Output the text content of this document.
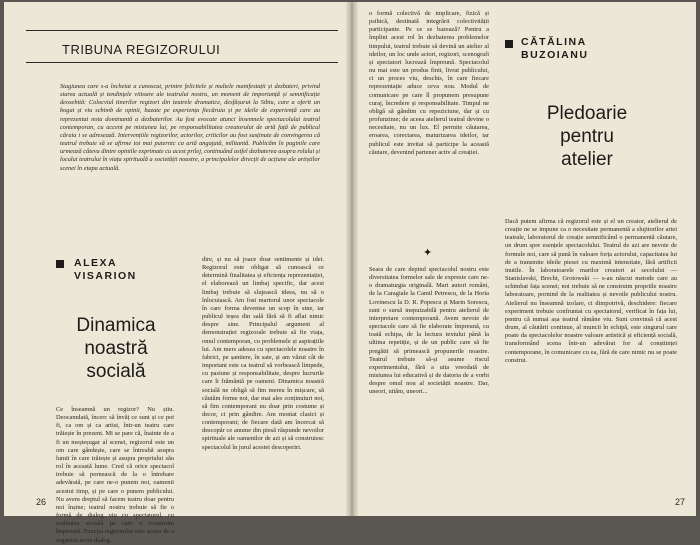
TRIBUNA REGIZORULUI
Stagiunea care s-a încheiat a cunoscut, printre felicitele și multele manifestații și dezbateri, privind starea actuală și tendințele viitoare ale teatrului nostru, un moment de importanță și semnificație deosebită: Colocviul tinerilor regizori din teatrele dramatice, desfășurat la Sibiu, care a oferit un bogat și viu schimb de opinii, bazate pe experiența fiecăruia și pe ideile de experiență care au reprezentat nota dominantă a dezbaterilor. Au fost evocate atunci însemnele spectacolului teatral contemporan, cu accent pe misiunea lui, pe responsabilitatea creatorului de artă față de publicul căruia i se adresează. Intervențiile regizorilor, actorilor, criticilor au fost susținute de convingerea că teatrul trebuie să se afirme tot mai puternic ca artă angajată, militantă. Publicăm în paginile care urmează câteva dintre opiniile exprimate cu acest prilej, continuând astfel dezbaterea asupra rolului și locului teatrului în viața spirituală a societății noastre, a principalelor direcții de acțiune ale artiștilor scenei în etapa actuală.
ALEXA
VISARION
Dinamica noastră socială
Ce înseamnă un regizor? Nu știu. Deocamdată, încerc să învăț ce sunt și ce pot fi, ca om și ca artist, într-un teatru care trăiește în prezent. Mi se pare că, înainte de a fi un meșteșugar al scenei, regizorul este un om care gândește, care se întreabă asupra lumii în care trăiește și asupra propriului său rol în această lume. Cred că orice spectacol trebuie să pornească de la o întrebare adevărată, pe care ne-o punem noi, oamenii acestui timp, și pe care o punem publicului. Nu avem dreptul să facem teatru doar pentru noi înșine; teatrul nostru trebuie să fie o formă de dialog viu cu spectatorul, cu realitatea socială pe care o construim împreună. Funcția regizorului este aceea de a organiza acest dialog.
dire, și nu să joace doar sentimente și idei. Regizorul este obligat să cunoască ce determină finalitatea și eficiența reprezentației, el elaborează un limbaj specific, dar acest limbaj trebuie să slujească ideea, nu să o înlocuiască. Am fost martorul unor spectacole în care forma devenise un scop în sine, iar publicul ieșea din sală fără să fi aflat nimic despre sine. Principalul argument al demonstrației regizorale trebuie să fie viața, omul contemporan, cu problemele și aspirațiile lui. Am mers adesea cu spectacolele noastre în fabrici, pe șantiere, în sate, și am văzut cât de important este ca teatrul să vorbească limpede, cu pasiune și responsabilitate, despre lucrurile care îi frământă pe oameni. Dinamica noastră socială ne obligă să fim mereu în mișcare, să căutăm forme noi, dar mai ales conținuturi noi, să fim contemporani nu doar prin costume și decor, ci prin gândire. Am montat clasici și contemporani; de fiecare dată am încercat să descopăr ce anume din piesă răspunde nevoilor spirituale ale oamenilor de azi și să construiesc spectacolul în jurul acestei descoperiri.
26
o formă colectivă de implicare, fizică și psihică, destinată integrării colectivității participante. Pe ce se bazează? Pentru a împlini acest rol în dezbaterea problemelor timpului, teatrul trebuie să devină un atelier al ideilor, un loc unde actori, regizori, scenografi și spectatori lucrează împreună. Spectacolul nu mai este un produs finit, livrat publicului, ci un proces viu, deschis, în care fiecare reprezentație aduce ceva nou. Modul de comunicare pe care îl propunem presupune curaj, încredere și responsabilitate. Timpul ne obligă să gândim cu repeziciune, dar și cu profunzime; de aceea atelierul teatral devine o necesitate, nu un lux. El permite căutarea, eroarea, corectarea, maturizarea ideilor, iar publicul este invitat să participe la această căutare, devenind partener activ al creației.
✦
Seara de care depind spectacolul nostru este diversitatea formelor sale de expresie care ne-o dramaturgia originală. Mari autori români, de la Caragiale la Camil Petrescu, de la Horia Lovinescu la D. R. Popescu și Marin Sorescu, sunt o sursă inepuizabilă pentru atelierul de interpretare contemporană. Avem nevoie de spectacole care să fie elaborate împreună, cu toată echipa, de la lectura textului până la ultima repetiție, și de un public care să fie pregătit să primească propunerile noastre. Teatrul trebuie să-și asume riscul experimentului, fără a uita vreodată de misiunea lui educativă și de datoria de a vorbi despre omul nou al societății noastre. Dar, uneori, uităm, uneori...
CĂTĂLINA
BUZOIANU
Pledoarie
pentru
atelier
Dacă putem afirma că regizorul este și el un creator, atelierul de creație ne se impune ca o necesitate permanentă a slujitorilor artei teatrale, laboratorul de creație semnificând o permanentă căutare, un drum spre esențele spectacolului. Teatrul de azi are nevoie de formule noi, care să pună în valoare forța actorului, capacitatea lui de a transmite ideile piesei cu maximă intensitate, fără artificii inutile. În laboratoarele marilor creatori ai secolului — Stanislavski, Brecht, Grotowski — s-au născut metode care au schimbat fața scenei; noi trebuie să ne construim propriile noastre laboratoare, pornind de la realitatea și nevoile publicului nostru. Atelierul nu înseamnă izolare, ci dimpotrivă, deschidere: fiecare experiment trebuie confruntat cu spectatorul, verificat în fața lui, pentru că numai așa teatrul rămâne viu. Sunt convinsă că acest drum, al căutării continue, al muncii în echipă, este singurul care poate da spectacolelor noastre valoare artistică și eficiență socială, transformând scena într-un adevărat for al conștiinței contemporane, în comunicare cu ea, fără de care nimic nu se poate construi.
27
